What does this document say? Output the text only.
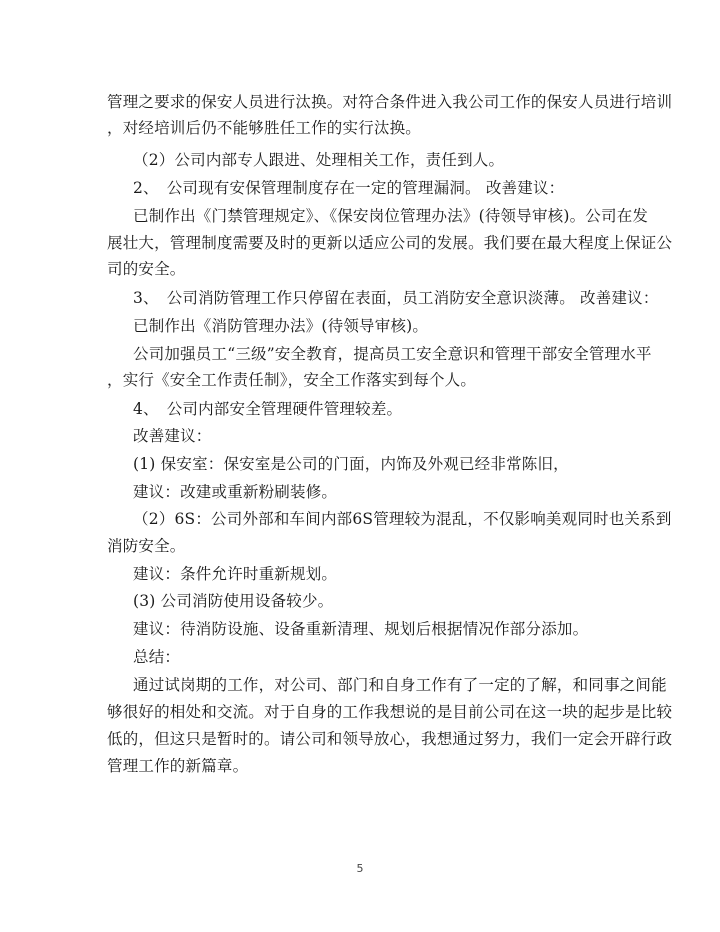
管理之要求的保安人员进行汰换。对符合条件进入我公司工作的保安人员进行培训
，对经培训后仍不能够胜任工作的实行汰换。
（2）公司内部专人跟进、处理相关工作，责任到人。
2、　公司现有安保管理制度存在一定的管理漏洞。 改善建议：
已制作出《门禁管理规定》、《保安岗位管理办法》(待领导审核)。公司在发
展壮大，管理制度需要及时的更新以适应公司的发展。我们要在最大程度上保证公
司的安全。
3、　公司消防管理工作只停留在表面，员工消防安全意识淡薄。 改善建议：
已制作出《消防管理办法》(待领导审核)。
公司加强员工“三级”安全教育，提高员工安全意识和管理干部安全管理水平
，实行《安全工作责任制》，安全工作落实到每个人。
4、　公司内部安全管理硬件管理较差。
改善建议：
(1) 保安室：保安室是公司的门面，内饰及外观已经非常陈旧，
建议：改建或重新粉刷装修。
（2）6S：公司外部和车间内部6S管理较为混乱，不仅影响美观同时也关系到
消防安全。
建议：条件允许时重新规划。
(3) 公司消防使用设备较少。
建议：待消防设施、设备重新清理、规划后根据情况作部分添加。
总结：
通过试岗期的工作，对公司、部门和自身工作有了一定的了解，和同事之间能
够很好的相处和交流。对于自身的工作我想说的是目前公司在这一块的起步是比较
低的，但这只是暂时的。请公司和领导放心，我想通过努力，我们一定会开辟行政
管理工作的新篇章。
5
